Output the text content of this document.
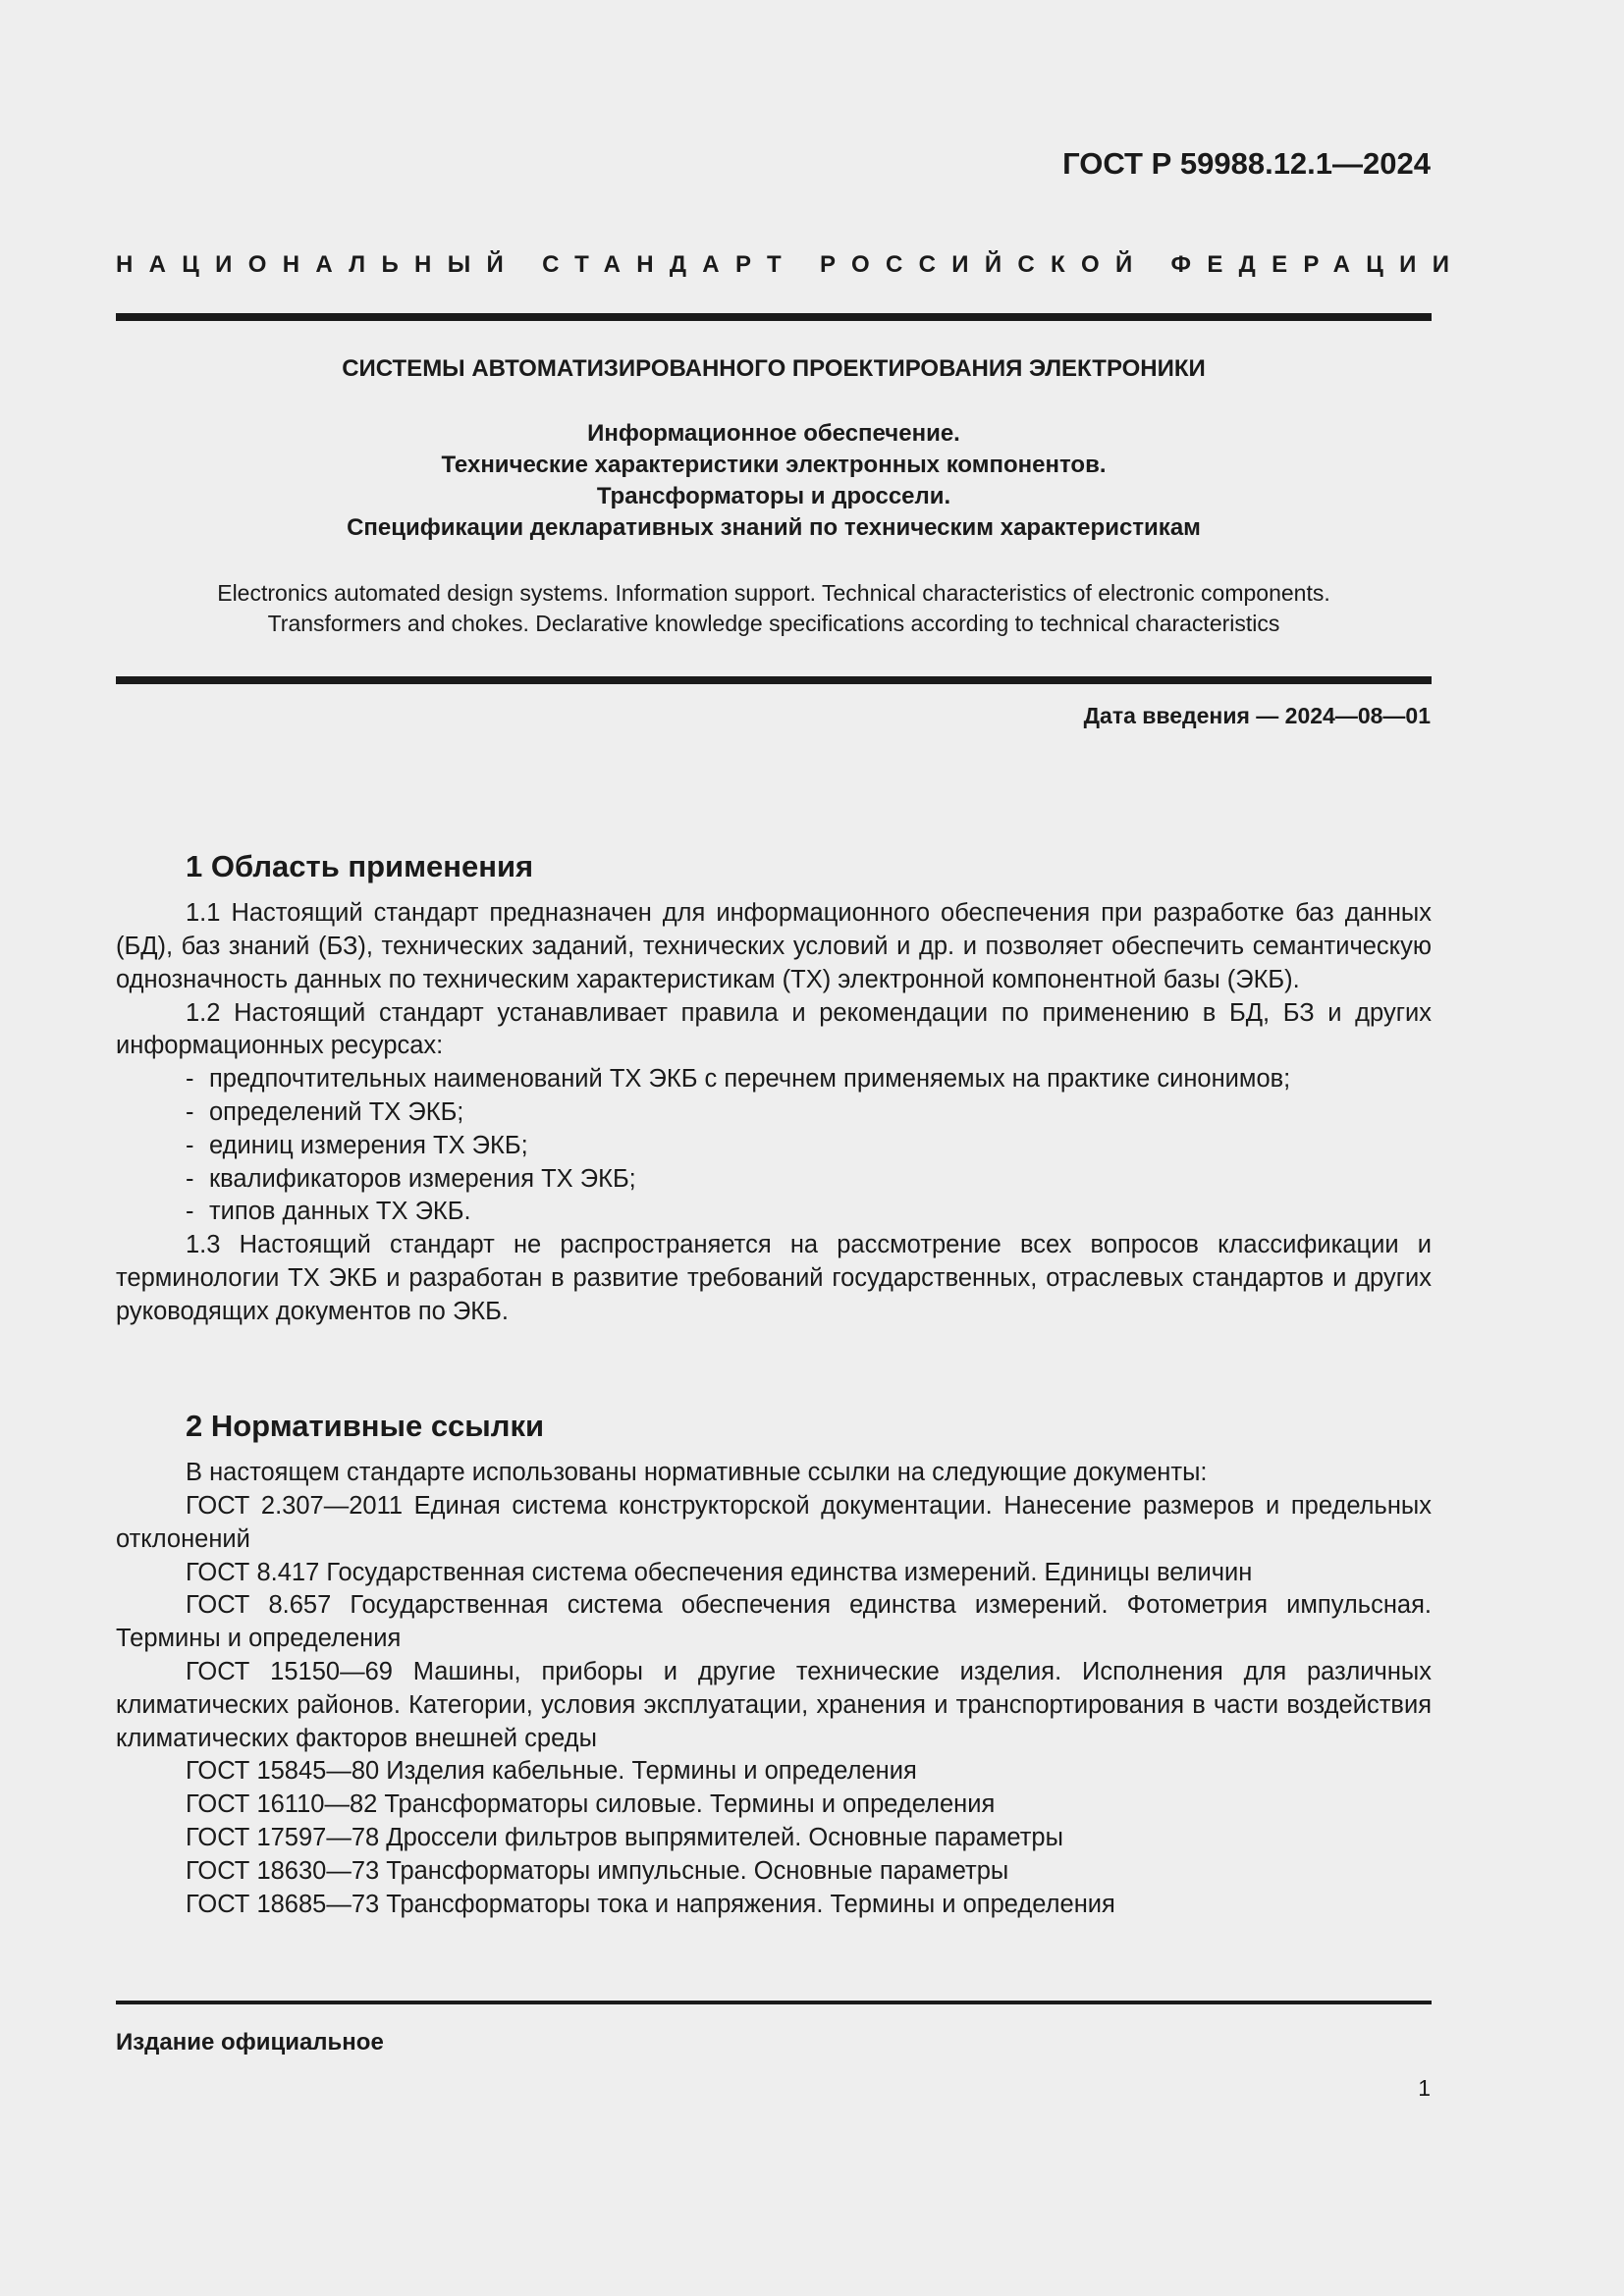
ГОСТ Р 59988.12.1—2024
НАЦИОНАЛЬНЫЙ СТАНДАРТ РОССИЙСКОЙ ФЕДЕРАЦИИ
СИСТЕМЫ АВТОМАТИЗИРОВАННОГО ПРОЕКТИРОВАНИЯ ЭЛЕКТРОНИКИ
Информационное обеспечение.
Технические характеристики электронных компонентов.
Трансформаторы и дроссели.
Спецификации декларативных знаний по техническим характеристикам
Electronics automated design systems. Information support. Technical characteristics of electronic components.
Transformers and chokes. Declarative knowledge specifications according to technical characteristics
Дата введения — 2024—08—01
1 Область применения
1.1 Настоящий стандарт предназначен для информационного обеспечения при разработке баз данных (БД), баз знаний (БЗ), технических заданий, технических условий и др. и позволяет обеспечить семантическую однозначность данных по техническим характеристикам (ТХ) электронной компонентной базы (ЭКБ).
1.2 Настоящий стандарт устанавливает правила и рекомендации по применению в БД, БЗ и других информационных ресурсах:
- предпочтительных наименований ТХ ЭКБ с перечнем применяемых на практике синонимов;
- определений ТХ ЭКБ;
- единиц измерения ТХ ЭКБ;
- квалификаторов измерения ТХ ЭКБ;
- типов данных ТХ ЭКБ.
1.3 Настоящий стандарт не распространяется на рассмотрение всех вопросов классификации и терминологии ТХ ЭКБ и разработан в развитие требований государственных, отраслевых стандартов и других руководящих документов по ЭКБ.
2 Нормативные ссылки
В настоящем стандарте использованы нормативные ссылки на следующие документы:
ГОСТ 2.307—2011 Единая система конструкторской документации. Нанесение размеров и предельных отклонений
ГОСТ 8.417 Государственная система обеспечения единства измерений. Единицы величин
ГОСТ 8.657 Государственная система обеспечения единства измерений. Фотометрия импульсная. Термины и определения
ГОСТ 15150—69 Машины, приборы и другие технические изделия. Исполнения для различных климатических районов. Категории, условия эксплуатации, хранения и транспортирования в части воздействия климатических факторов внешней среды
ГОСТ 15845—80 Изделия кабельные. Термины и определения
ГОСТ 16110—82 Трансформаторы силовые. Термины и определения
ГОСТ 17597—78 Дроссели фильтров выпрямителей. Основные параметры
ГОСТ 18630—73 Трансформаторы импульсные. Основные параметры
ГОСТ 18685—73 Трансформаторы тока и напряжения. Термины и определения
Издание официальное
1
